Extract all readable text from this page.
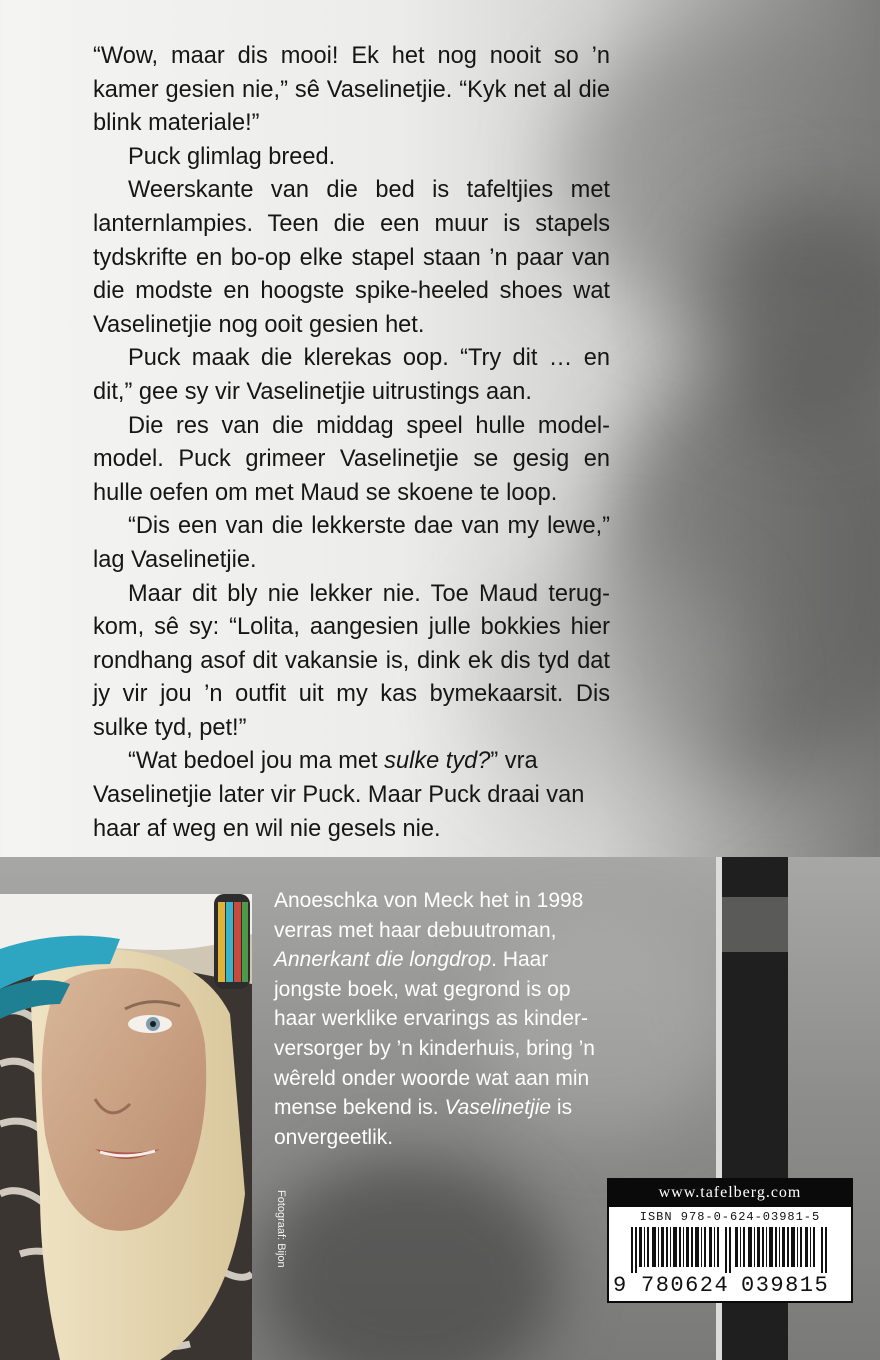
“Wow, maar dis mooi! Ek het nog nooit so ’n kamer gesien nie,” sê Vaselinetjie. “Kyk net al die blink materiale!”

Puck glimlag breed.

Weerskante van die bed is tafeltjies met lanternlampies. Teen die een muur is stapels tydskrifte en bo-op elke stapel staan ’n paar van die modste en hoogste spike-heeled shoes wat Vaselinetjie nog ooit gesien het.

Puck maak die klerekas oop. “Try dit … en dit,” gee sy vir Vaselinetjie uitrustings aan.

Die res van die middag speel hulle model-model. Puck grimeer Vaselinetjie se gesig en hulle oefen om met Maud se skoene te loop.

“Dis een van die lekkerste dae van my lewe,” lag Vaselinetjie.

Maar dit bly nie lekker nie. Toe Maud terugkom, sê sy: “Lolita, aangesien julle bokkies hier rondhang asof dit vakansie is, dink ek dis tyd dat jy vir jou ’n outfit uit my kas bymekaarsit. Dis sulke tyd, pet!”

“Wat bedoel jou ma met sulke tyd?” vra Vaselinetjie later vir Puck. Maar Puck draai van haar af weg en wil nie gesels nie.

Anoeschka von Meck het in 1998 verras met haar debuutroman, Annerkant die longdrop. Haar jongste boek, wat gegrond is op haar werklike ervarings as kinderversorger by ’n kinderhuis, bring ’n wêreld onder woorde wat aan min mense bekend is. Vaselinetjie is onvergeetlik.

Fotograaf: Bijon	www.tafelberg.com
ISBN 978-0-624-03981-5
9 780624 039815
